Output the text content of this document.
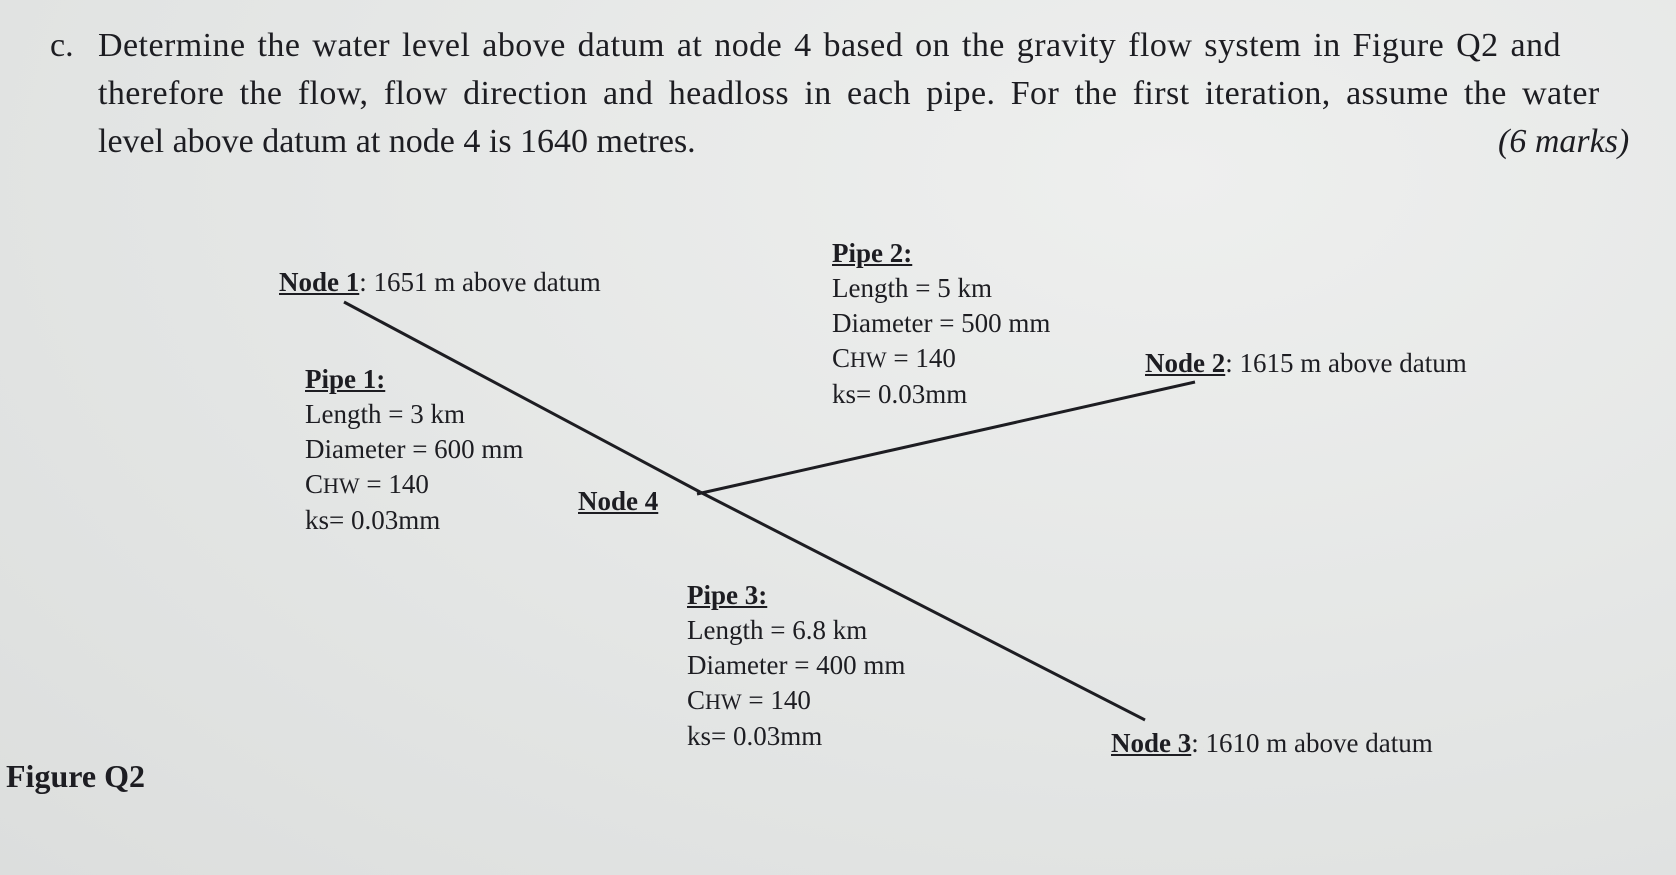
c. Determine the water level above datum at node 4 based on the gravity flow system in Figure Q2 and
therefore the flow, flow direction and headloss in each pipe. For the first iteration, assume the water
level above datum at node 4 is 1640 metres.	(6 marks)
Node 1: 1651 m above datum
Node 2: 1615 m above datum
Node 3: 1610 m above datum
Node 4
Pipe 1:
Length = 3 km
Diameter = 600 mm
CHW = 140
ks= 0.03mm
Pipe 2:
Length = 5 km
Diameter = 500 mm
CHW = 140
ks= 0.03mm
Pipe 3:
Length = 6.8 km
Diameter = 400 mm
CHW = 140
ks= 0.03mm
Figure Q2
